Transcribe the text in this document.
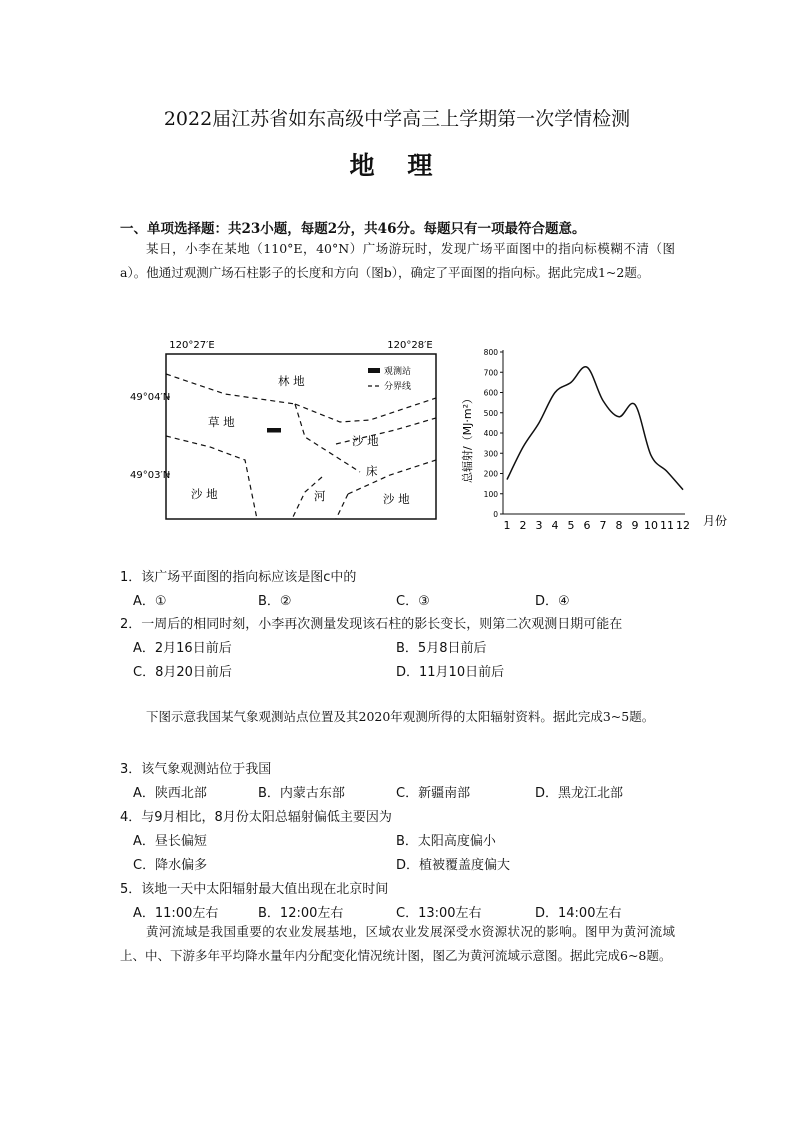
2022届江苏省如东高级中学高三上学期第一次学情检测
地 理
一、单项选择题：共23小题，每题2分，共46分。每题只有一项最符合题意。
某日，小李在某地（110°E，40°N）广场游玩时，发现广场平面图中的指向标模糊不清（图a）。他通过观测广场石柱影子的长度和方向（图b），确定了平面图的指向标。据此完成1~2题。
120°27′E	120°28′E
49°04′N
49°03′N
观测站
分界线
林 地
草 地
沙 地
床
沙 地	河	沙 地
0
100
200
300
400
500
600
700
800
1 2 3 4 5 6 7 8 9 10 11 12
总辐射/（MJ·m²）
月份
1．该广场平面图的指向标应该是图c中的
A．①	B．②	C．③	D．④
2．一周后的相同时刻，小李再次测量发现该石柱的影长变长，则第二次观测日期可能在
A．2月16日前后	B．5月8日前后
C．8月20日前后	D．11月10日前后
下图示意我国某气象观测站点位置及其2020年观测所得的太阳辐射资料。据此完成3~5题。
3．该气象观测站位于我国
A．陕西北部	B．内蒙古东部	C．新疆南部	D．黑龙江北部
4．与9月相比，8月份太阳总辐射偏低主要因为
A．昼长偏短	B．太阳高度偏小
C．降水偏多	D．植被覆盖度偏大
5．该地一天中太阳辐射最大值出现在北京时间
A．11:00左右	B．12:00左右	C．13:00左右	D．14:00左右
黄河流域是我国重要的农业发展基地，区域农业发展深受水资源状况的影响。图甲为黄河流域上、中、下游多年平均降水量年内分配变化情况统计图，图乙为黄河流域示意图。据此完成6~8题。
